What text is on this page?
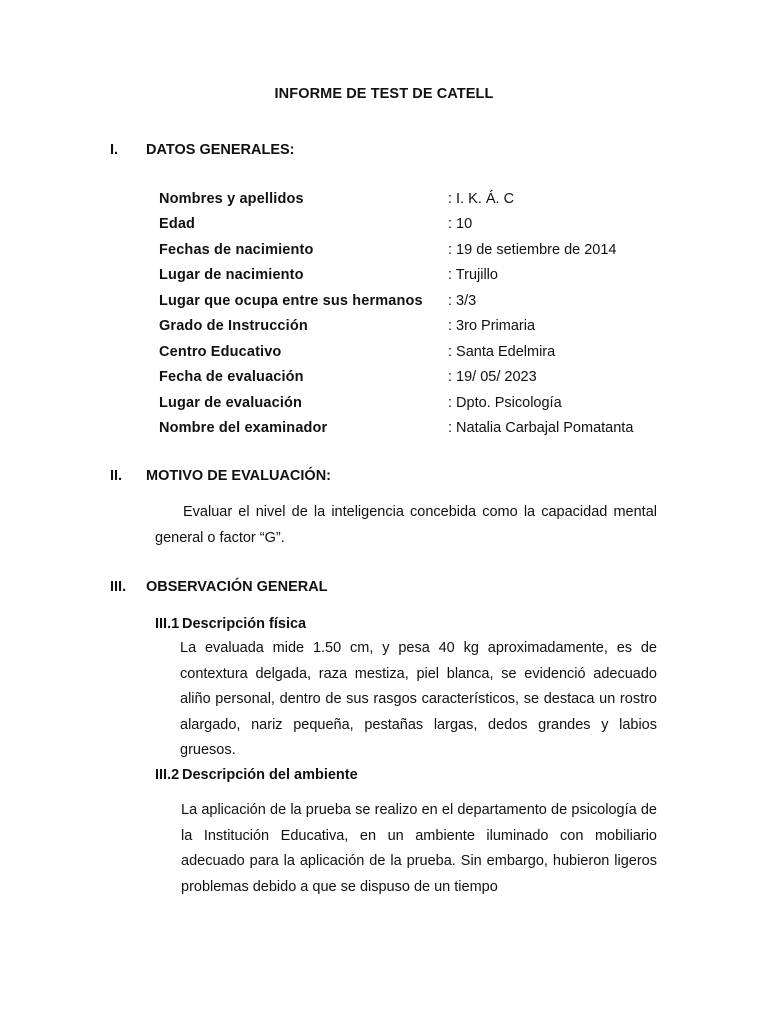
INFORME DE TEST DE CATELL
I.	DATOS GENERALES:
Nombres y apellidos	: I. K. Á. C
Edad	: 10
Fechas de nacimiento	: 19 de setiembre de 2014
Lugar de nacimiento	: Trujillo
Lugar que ocupa entre sus hermanos	: 3/3
Grado de Instrucción	: 3ro Primaria
Centro Educativo	: Santa Edelmira
Fecha de evaluación	: 19/ 05/ 2023
Lugar de evaluación	: Dpto. Psicología
Nombre del examinador	: Natalia Carbajal Pomatanta
II.	MOTIVO DE EVALUACIÓN:
Evaluar el nivel de la inteligencia concebida como la capacidad mental general o factor “G”.
III.	OBSERVACIÓN GENERAL
III.1 Descripción física
La evaluada mide 1.50 cm, y pesa 40 kg aproximadamente, es de contextura delgada, raza mestiza, piel blanca, se evidenció adecuado aliño personal, dentro de sus rasgos característicos, se destaca un rostro alargado, nariz pequeña, pestañas largas, dedos grandes y labios gruesos.
III.2 Descripción del ambiente
La aplicación de la prueba se realizo en el departamento de psicología de la Institución Educativa, en un ambiente iluminado con mobiliario adecuado para la aplicación de la prueba. Sin embargo, hubieron ligeros problemas debido a que se dispuso de un tiempo
